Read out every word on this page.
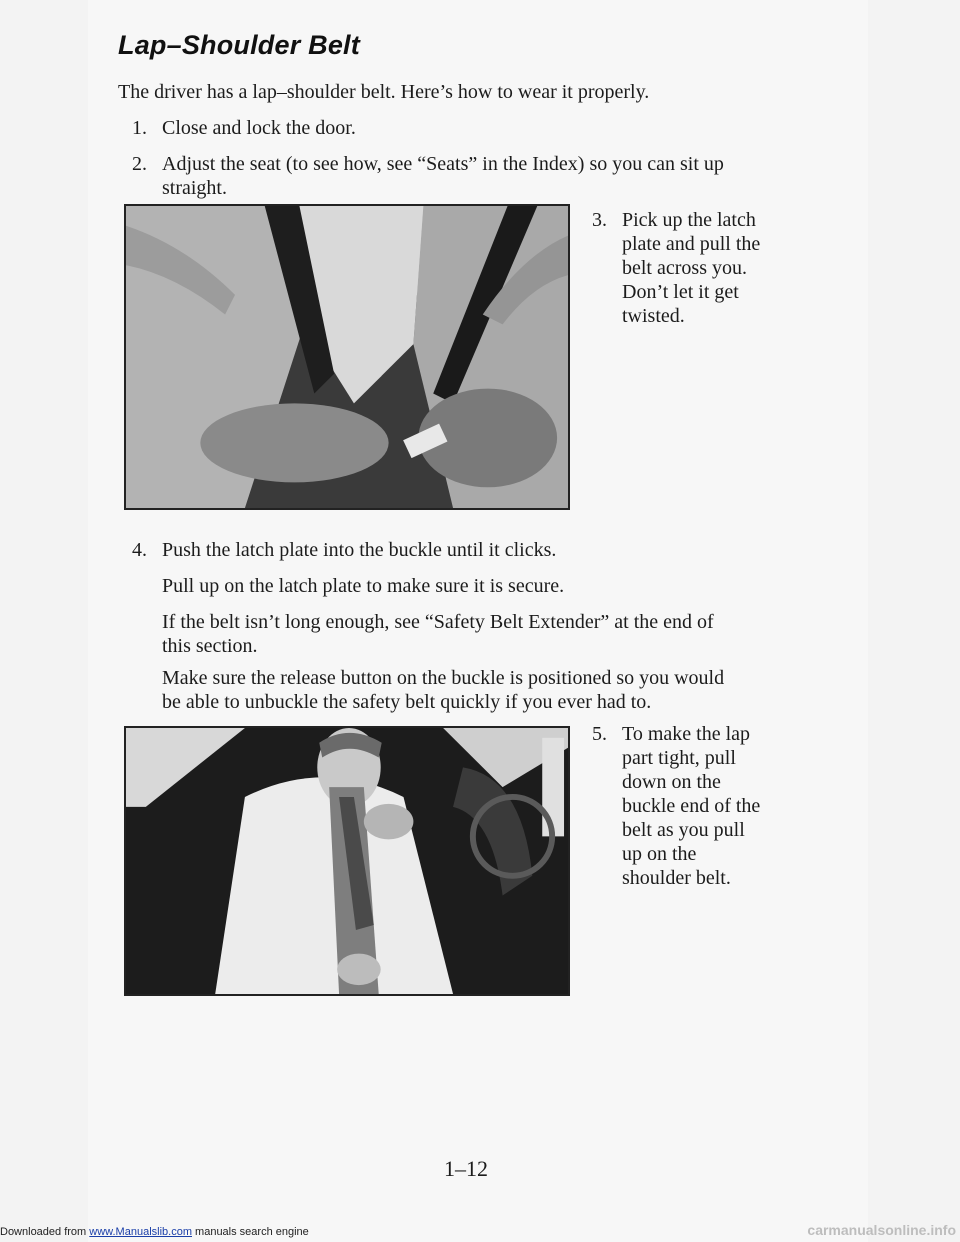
Lap–Shoulder Belt
The driver has a lap–shoulder belt. Here’s how to wear it properly.
1. Close and lock the door.
2. Adjust the seat (to see how, see “Seats” in the Index) so you can sit up
straight.
3. Pick up the latch
plate and pull the
belt across you.
Don’t let it get
twisted.
4. Push the latch plate into the buckle until it clicks.
Pull up on the latch plate to make sure it is secure.
If the belt isn’t long enough, see “Safety Belt Extender” at the end of
this section.
Make sure the release button on the buckle is positioned so you would
be able to unbuckle the safety belt quickly if you ever had to.
5. To make the lap
part tight, pull
down on the
buckle end of the
belt as you pull
up on the
shoulder belt.
1–12
Downloaded from www.Manualslib.com manuals search engine	carmanualsonline.info
